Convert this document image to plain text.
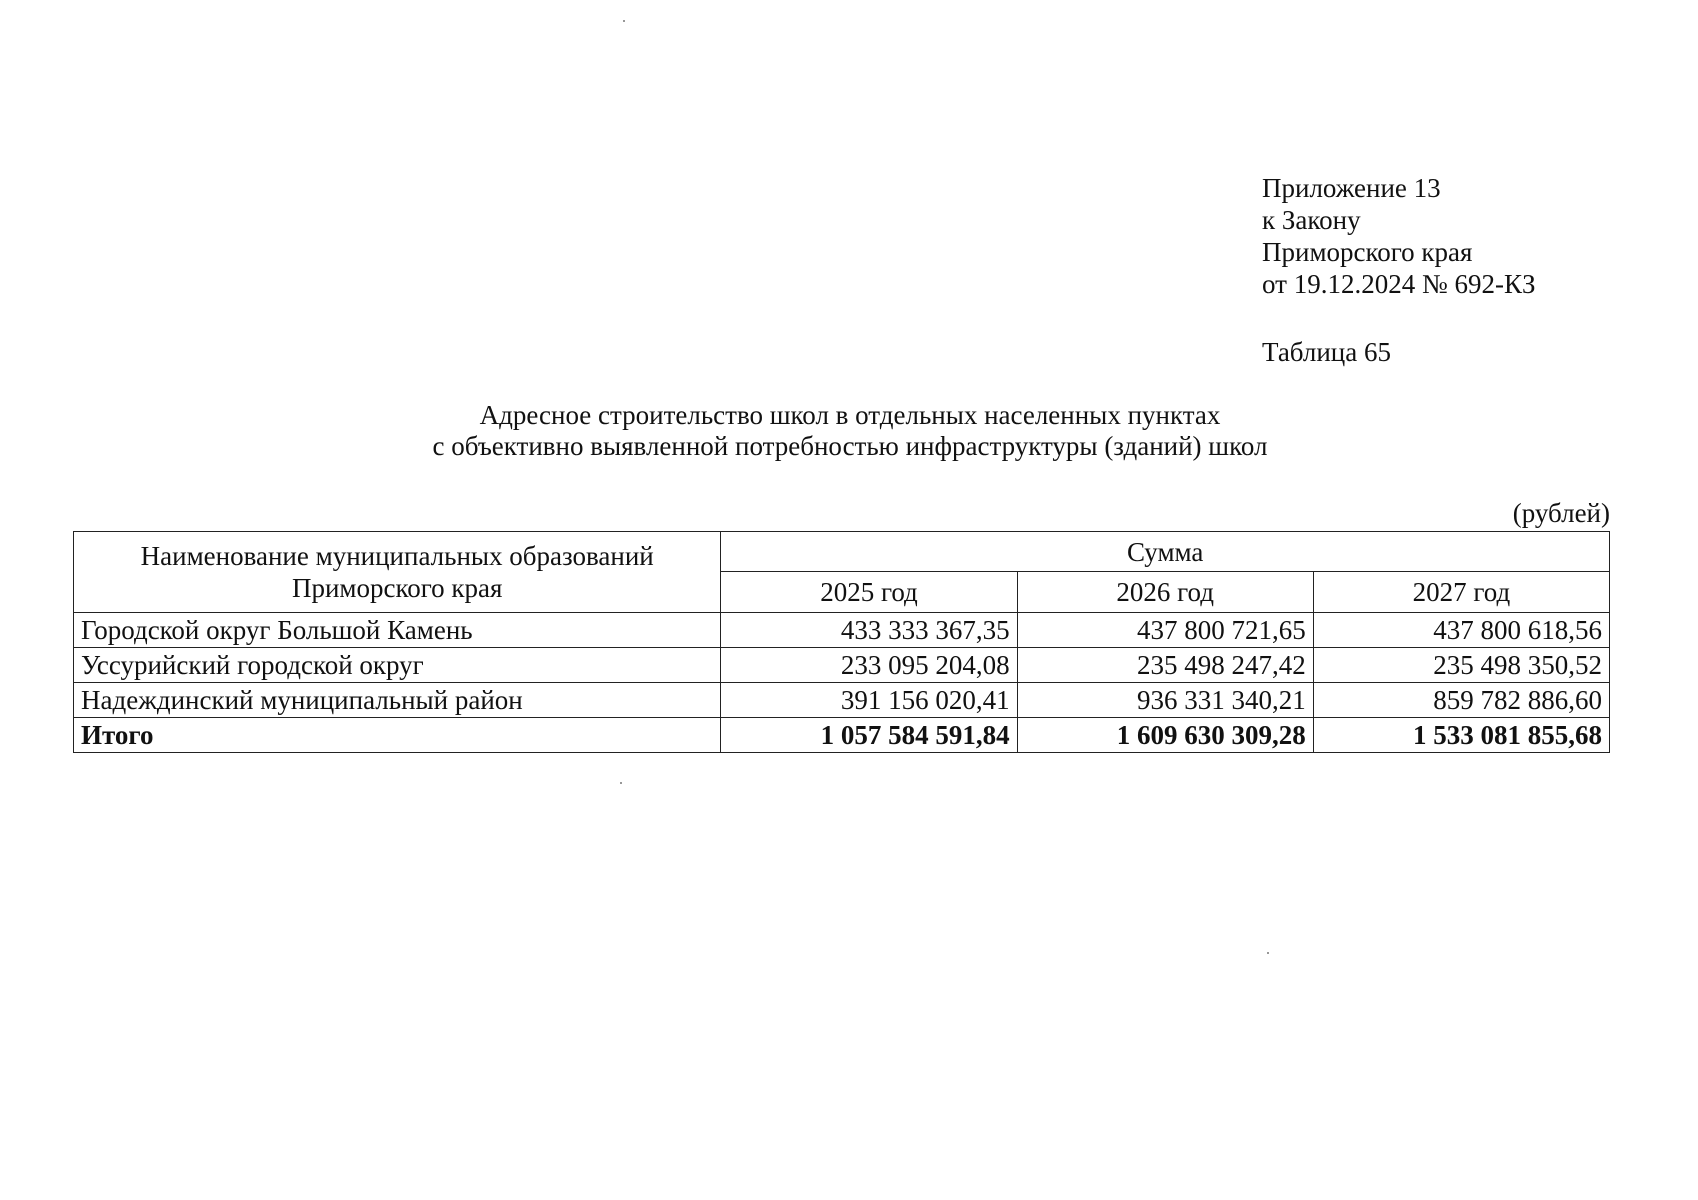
Приложение 13
к Закону
Приморского края
от 19.12.2024 № 692-КЗ
Таблица 65
Адресное строительство школ в отдельных населенных пунктах
с объективно выявленной потребностью инфраструктуры (зданий) школ
(рублей)
Наименование муниципальных образований
Приморского края	Сумма		
	2025 год	2026 год	2027 год
Городской округ Большой Камень	433 333 367,35	437 800 721,65	437 800 618,56
Уссурийский городской округ	233 095 204,08	235 498 247,42	235 498 350,52
Надеждинский муниципальный район	391 156 020,41	936 331 340,21	859 782 886,60
Итого	1 057 584 591,84	1 609 630 309,28	1 533 081 855,68
